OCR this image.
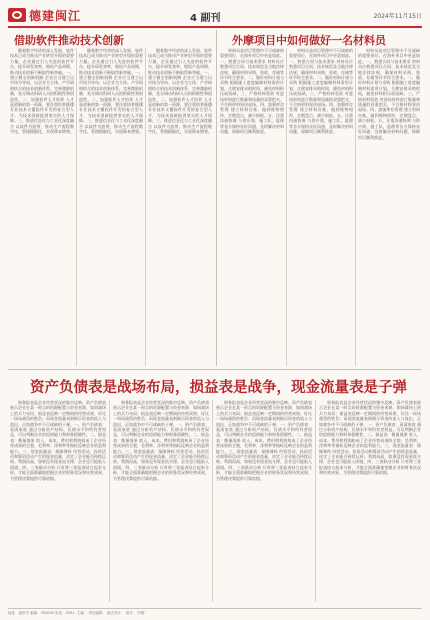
德建闽江	4 副刊	2024年11月15日
借助软件推动技术创新

随着数字经济的深入发展，软件技术已成为推动产业转型升级的重要力量。企业通过引入先进的软件平台，提升研发效率，缩短产品周期，推动技术创新不断取得新突破。一、建立健全创新机制 企业应当建立以市场为导向、以企业为主体、产学研相结合的技术创新体系，完善激励机制，充分调动科研人员的积极性和创造性。二、加强软件人才培养 人才是创新的第一资源，要注重培养既懂专业技术又懂软件开发的复合型人才，为技术创新提供坚实的人才保障。三、推进信息化与工业化深度融合 以软件为纽带，推动生产流程数字化、管理精细化，实现降本增效。

随着数字经济的深入发展，软件技术已成为推动产业转型升级的重要力量。企业通过引入先进的软件平台，提升研发效率，缩短产品周期，推动技术创新不断取得新突破。一、建立健全创新机制 企业应当建立以市场为导向、以企业为主体、产学研相结合的技术创新体系，完善激励机制，充分调动科研人员的积极性和创造性。二、加强软件人才培养 人才是创新的第一资源，要注重培养既懂专业技术又懂软件开发的复合型人才，为技术创新提供坚实的人才保障。三、推进信息化与工业化深度融合 以软件为纽带，推动生产流程数字化、管理精细化，实现降本增效。

随着数字经济的深入发展，软件技术已成为推动产业转型升级的重要力量。企业通过引入先进的软件平台，提升研发效率，缩短产品周期，推动技术创新不断取得新突破。一、建立健全创新机制 企业应当建立以市场为导向、以企业为主体、产学研相结合的技术创新体系，完善激励机制，充分调动科研人员的积极性和创造性。二、加强软件人才培养 人才是创新的第一资源，要注重培养既懂专业技术又懂软件开发的复合型人才，为技术创新提供坚实的人才保障。三、推进信息化与工业化深度融合 以软件为纽带，推动生产流程数字化、管理精细化，实现降本增效。

外摩项目中如何做好一名材料员

材料员是项目管理中不可或缺的重要岗位，在海外项目中更是如此。一、熟悉合同与技术要求 材料员应熟悉项目合同、技术规范及当地法律法规，确保材料采购、验收、存储等环节符合要求。二、做好材料计划与采购 根据施工进度编制材料需用计划，合理安排采购时间，避免材料积压或短缺。三、严格材料验收 对进场材料进行数量和质量的双重把关，不合格材料坚决退场。四、加强库存管理 建立材料台账，做到账物相符，定期盘点，减少损耗。五、注重沟通协调 与供应商、施工队、监理等各方保持良好沟通，及时解决材料问题，保障项目顺利推进。

材料员是项目管理中不可或缺的重要岗位，在海外项目中更是如此。一、熟悉合同与技术要求 材料员应熟悉项目合同、技术规范及当地法律法规，确保材料采购、验收、存储等环节符合要求。二、做好材料计划与采购 根据施工进度编制材料需用计划，合理安排采购时间，避免材料积压或短缺。三、严格材料验收 对进场材料进行数量和质量的双重把关，不合格材料坚决退场。四、加强库存管理 建立材料台账，做到账物相符，定期盘点，减少损耗。五、注重沟通协调 与供应商、施工队、监理等各方保持良好沟通，及时解决材料问题，保障项目顺利推进。

材料员是项目管理中不可或缺的重要岗位，在海外项目中更是如此。一、熟悉合同与技术要求 材料员应熟悉项目合同、技术规范及当地法律法规，确保材料采购、验收、存储等环节符合要求。二、做好材料计划与采购 根据施工进度编制材料需用计划，合理安排采购时间，避免材料积压或短缺。三、严格材料验收 对进场材料进行数量和质量的双重把关，不合格材料坚决退场。四、加强库存管理 建立材料台账，做到账物相符，定期盘点，减少损耗。五、注重沟通协调 与供应商、施工队、监理等各方保持良好沟通，及时解决材料问题，保障项目顺利推进。

资产负债表是战场布局，损益表是战争，现金流量表是子弹

财务报表是企业经营状况的集中反映。资产负债表展示企业在某一时点的资源配置与资金来源，如同战场上的兵力布局；损益表反映一定期间的经营成果，好比一场场战役的胜负；而现金流量表则揭示资金的流入与流出，正如战争中不可或缺的子弹。一、资产负债表：看清家底 通过分析资产结构、负债水平和所有者权益，可以判断企业的偿债能力和财务稳健性。二、损益表：衡量战果 收入、成本、费用和利润构成了企业经营成果的全貌，毛利率、净利率等指标反映企业的盈利能力。三、现金流量表：保障弹药 经营活动、投资活动和筹资活动产生的现金流量，决定了企业能否持续运转。利润再高，如果没有现金流支撑，企业也可能陷入困境。四、三表联动分析 只有将三张报表结合起来分析，才能全面准确地把握企业的财务状况和经营成果，为管理决策提供可靠依据。

财务报表是企业经营状况的集中反映。资产负债表展示企业在某一时点的资源配置与资金来源，如同战场上的兵力布局；损益表反映一定期间的经营成果，好比一场场战役的胜负；而现金流量表则揭示资金的流入与流出，正如战争中不可或缺的子弹。一、资产负债表：看清家底 通过分析资产结构、负债水平和所有者权益，可以判断企业的偿债能力和财务稳健性。二、损益表：衡量战果 收入、成本、费用和利润构成了企业经营成果的全貌，毛利率、净利率等指标反映企业的盈利能力。三、现金流量表：保障弹药 经营活动、投资活动和筹资活动产生的现金流量，决定了企业能否持续运转。利润再高，如果没有现金流支撑，企业也可能陷入困境。四、三表联动分析 只有将三张报表结合起来分析，才能全面准确地把握企业的财务状况和经营成果，为管理决策提供可靠依据。

财务报表是企业经营状况的集中反映。资产负债表展示企业在某一时点的资源配置与资金来源，如同战场上的兵力布局；损益表反映一定期间的经营成果，好比一场场战役的胜负；而现金流量表则揭示资金的流入与流出，正如战争中不可或缺的子弹。一、资产负债表：看清家底 通过分析资产结构、负债水平和所有者权益，可以判断企业的偿债能力和财务稳健性。二、损益表：衡量战果 收入、成本、费用和利润构成了企业经营成果的全貌，毛利率、净利率等指标反映企业的盈利能力。三、现金流量表：保障弹药 经营活动、投资活动和筹资活动产生的现金流量，决定了企业能否持续运转。利润再高，如果没有现金流支撑，企业也可能陷入困境。四、三表联动分析 只有将三张报表结合起来分析，才能全面准确地把握企业的财务状况和经营成果，为管理决策提供可靠依据。

财务报表是企业经营状况的集中反映。资产负债表展示企业在某一时点的资源配置与资金来源，如同战场上的兵力布局；损益表反映一定期间的经营成果，好比一场场战役的胜负；而现金流量表则揭示资金的流入与流出，正如战争中不可或缺的子弹。一、资产负债表：看清家底 通过分析资产结构、负债水平和所有者权益，可以判断企业的偿债能力和财务稳健性。二、损益表：衡量战果 收入、成本、费用和利润构成了企业经营成果的全貌，毛利率、净利率等指标反映企业的盈利能力。三、现金流量表：保障弹药 经营活动、投资活动和筹资活动产生的现金流量，决定了企业能否持续运转。利润再高，如果没有现金流支撑，企业也可能陷入困境。四、三表联动分析 只有将三张报表结合起来分析，才能全面准确地把握企业的财务状况和经营成果，为管理决策提供可靠依据。

地址：福州市 邮编：350000 电话：0591- 主编： 责任编辑： 版式设计： 校对： 印刷：
